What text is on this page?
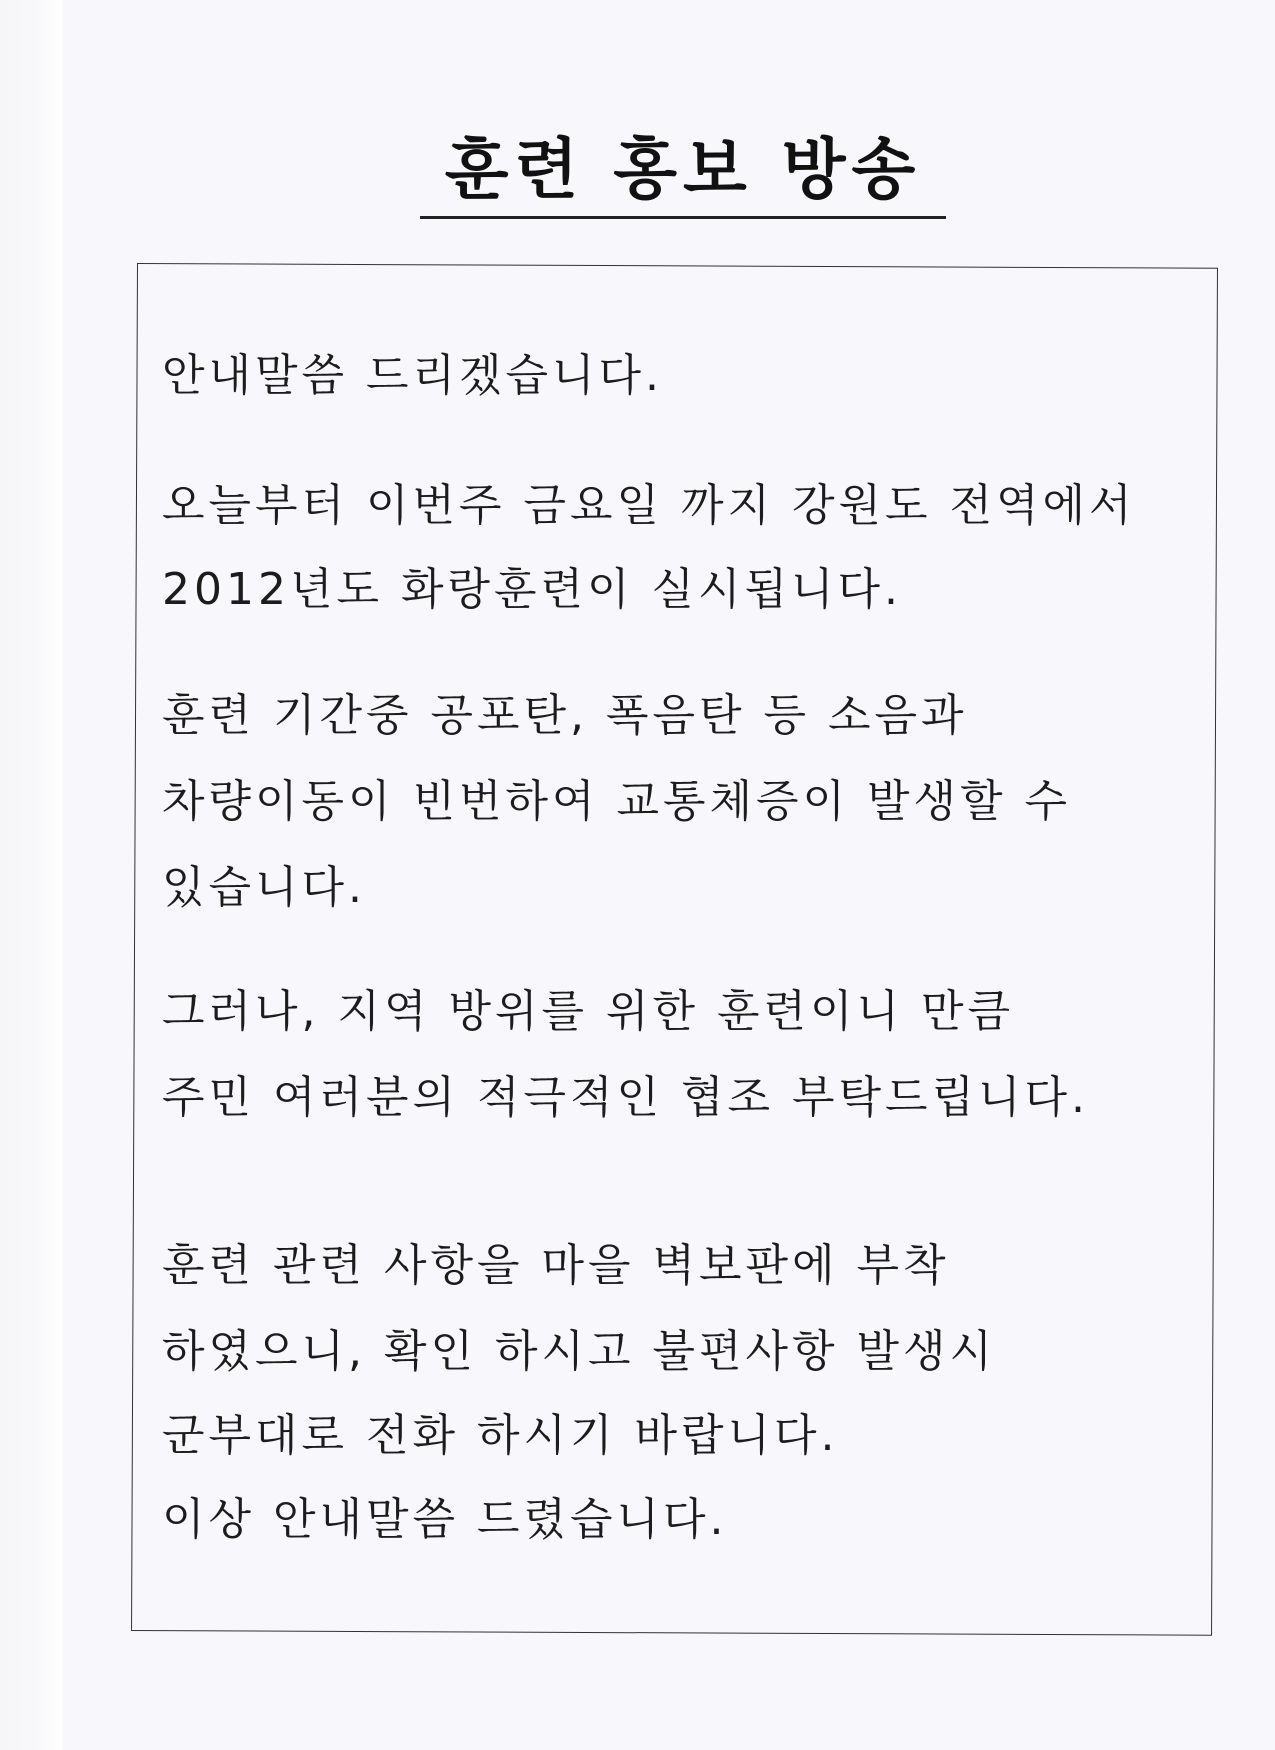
훈련 홍보 방송
안내말씀 드리겠습니다.
오늘부터 이번주 금요일 까지 강원도 전역에서
2012년도 화랑훈련이 실시됩니다.
훈련 기간중 공포탄, 폭음탄 등 소음과
차량이동이 빈번하여 교통체증이 발생할 수
있습니다.
그러나, 지역 방위를 위한 훈련이니 만큼
주민 여러분의 적극적인 협조 부탁드립니다.
훈련 관련 사항을 마을 벽보판에 부착
하였으니, 확인 하시고 불편사항 발생시
군부대로 전화 하시기 바랍니다.
이상 안내말씀 드렸습니다.
